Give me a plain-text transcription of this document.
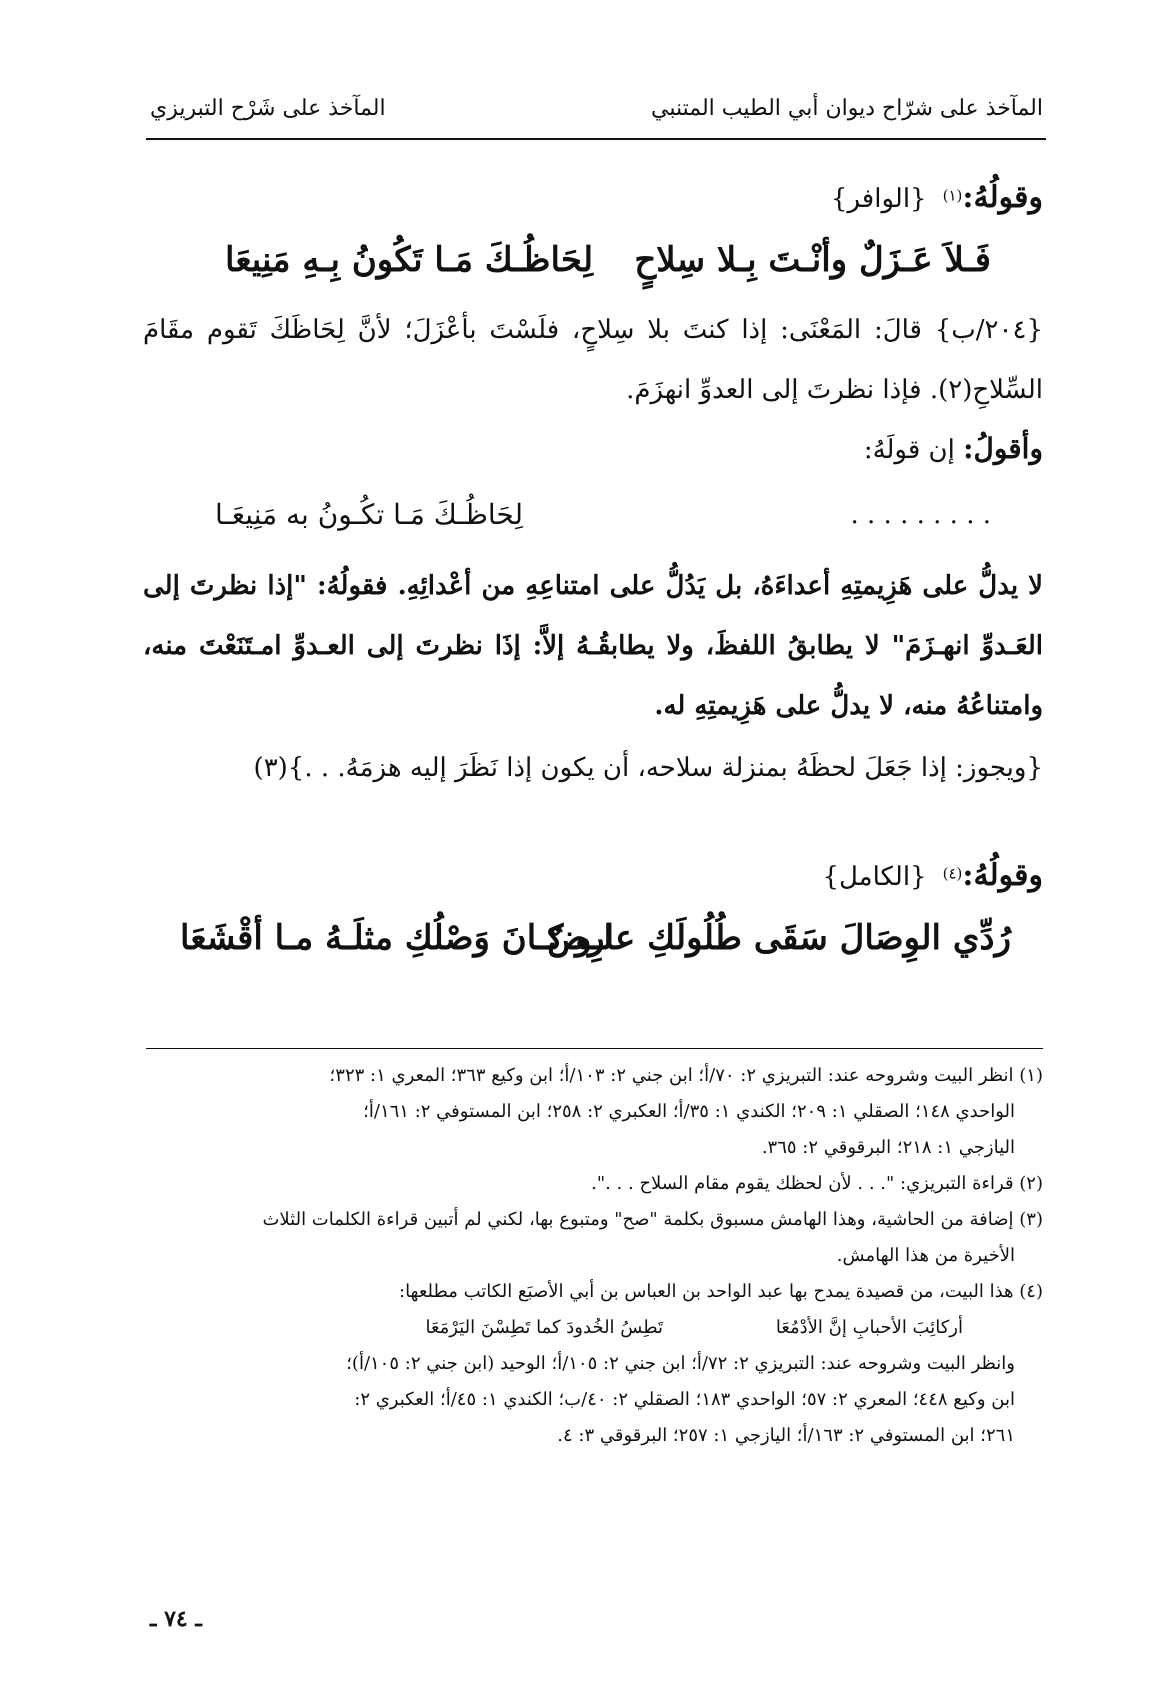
المآخذ على شرّاح ديوان أبي الطيب المتنبي
المآخذ على شَرْح التبريزي
وقولُهُ:(١){الوافر}
فَـلاَ عَـزَلٌ وأنْـتَ بِـلا سِلاحٍ
لِحَاظُـكَ مَـا تَكُونُ بِـهِ مَنِيعَا
{٢٠٤/ب} قالَ: المَعْنَى: إذا كنتَ بلا سِلاحٍ، فلَسْتَ بأعْزَلَ؛ لأنَّ لِحَاظَكَ تَقوم مقَامَ السِّلاحِ(٢). فإذا نظرتَ إلى العدوِّ انهزَمَ.
وأقولُ: إن قولَهُ:
. . . . . . . . .
لِحَاظُـكَ مَـا تكُـونُ به مَنِيعَـا
لا يدلُّ على هَزِيمتِهِ أعداءَهُ، بل يَدُلُّ على امتناعِهِ من أعْدائِهِ. فقولُهُ: "إذا نظرتَ إلى العَـدوِّ انهـزَمَ" لا يطابقُ اللفظَ، ولا يطابقُـهُ إلاَّ: إذَا نظرتَ إلى العـدوِّ امـتَنَعْتَ منه، وامتناعُهُ منه، لا يدلُّ على هَزِيمتِهِ له.
{ويجوز: إذا جَعَلَ لحظَهُ بمنزلة سلاحه، أن يكون إذا نَظَرَ إليه هزمَهُ. . .}(٣)
وقولُهُ:(٤){الكامل}
رُدِّي الوِصَالَ سَقَى طُلُولَكِ عارِضٌ
لـو كـانَ وَصْلُكِ مثلَـهُ مـا أقْشَعَا
(١) انظر البيت وشروحه عند: التبريزي ٢: ٧٠/أ؛ ابن جني ٢: ١٠٣/أ؛ ابن وكيع ٣٦٣؛ المعري ١: ٣٢٣؛
الواحدي ١٤٨؛ الصقلي ١: ٢٠٩؛ الكندي ١: ٣٥/أ؛ العكبري ٢: ٢٥٨؛ ابن المستوفي ٢: ١٦١/أ؛
اليازجي ١: ٢١٨؛ البرقوقي ٢: ٣٦٥.
(٢) قراءة التبريزي: ". . . لأن لحظك يقوم مقام السلاح . . .".
(٣) إضافة من الحاشية، وهذا الهامش مسبوق بكلمة "صح" ومتبوع بها، لكني لم أتبين قراءة الكلمات الثلاث
الأخيرة من هذا الهامش.
(٤) هذا البيت، من قصيدة يمدح بها عبد الواحد بن العباس بن أبي الأصبَع الكاتب مطلعها:
أركائِبَ الأحبابِ إنَّ الأدْمُعَا
تَطِسُ الخُدودَ كما تَطِسْنَ اليَرْمَعَا
وانظر البيت وشروحه عند: التبريزي ٢: ٧٢/أ؛ ابن جني ٢: ١٠٥/أ؛ الوحيد (ابن جني ٢: ١٠٥/أ)؛
ابن وكيع ٤٤٨؛ المعري ٢: ٥٧؛ الواحدي ١٨٣؛ الصقلي ٢: ٤٠/ب؛ الكندي ١: ٤٥/أ؛ العكبري ٢:
٢٦١؛ ابن المستوفي ٢: ١٦٣/أ؛ اليازجي ١: ٢٥٧؛ البرقوقي ٣: ٤.
ـ ٧٤ ـ
